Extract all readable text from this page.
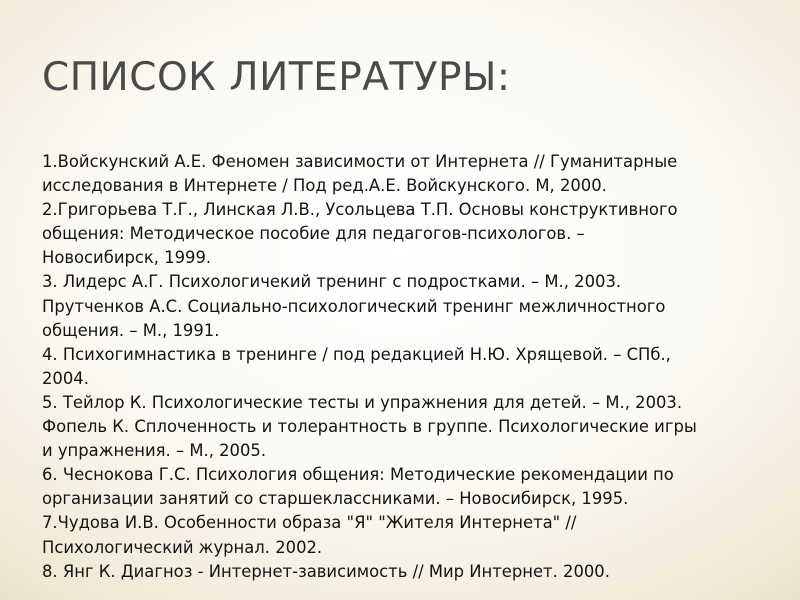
СПИСОК ЛИТЕРАТУРЫ:
1.Войскунский А.Е. Феномен зависимости от Интернета // Гуманитарные
исследования в Интернете / Под ред.А.Е. Войскунского. М, 2000.
2.Григорьева Т.Г., Линская Л.В., Усольцева Т.П. Основы конструктивного
общения: Методическое пособие для педагогов-психологов. –
Новосибирск, 1999.
3. Лидерс А.Г. Психологичекий тренинг с подростками. – М., 2003.
Прутченков А.С. Социально-психологический тренинг межличностного
общения. – М., 1991.
4. Психогимнастика в тренинге / под редакцией Н.Ю. Хрящевой. – СПб.,
2004.
5. Тейлор К. Психологические тесты и упражнения для детей. – М., 2003.
Фопель К. Сплоченность и толерантность в группе. Психологические игры
и упражнения. – М., 2005.
6. Чеснокова Г.С. Психология общения: Методические рекомендации по
организации занятий со старшеклассниками. – Новосибирск, 1995.
7.Чудова И.В. Особенности образа "Я" "Жителя Интернета" //
Психологический журнал. 2002.
8. Янг К. Диагноз - Интернет-зависимость // Мир Интернет. 2000.
